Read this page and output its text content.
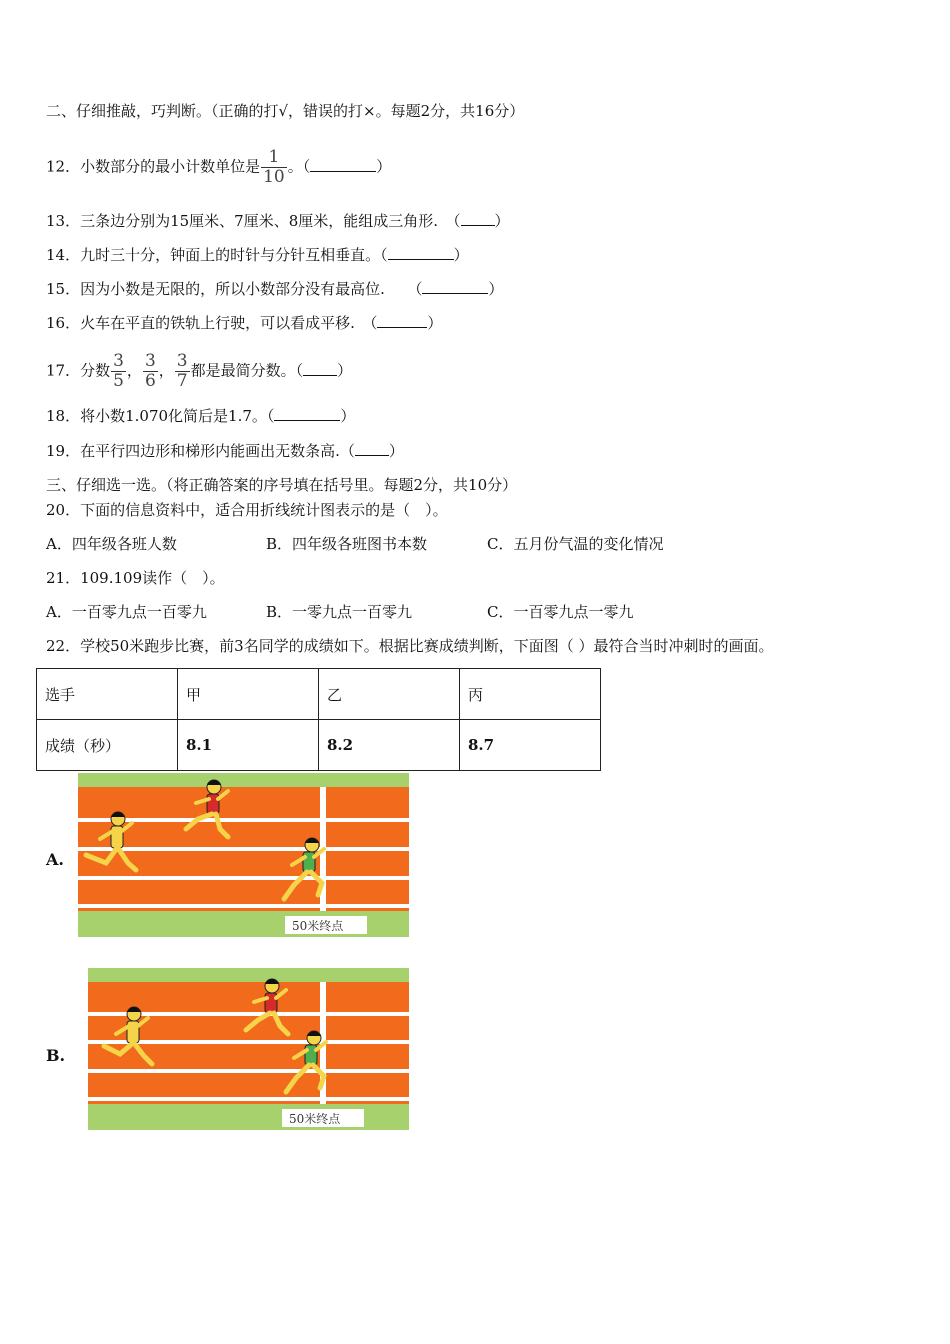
二、仔细推敲，巧判断。（正确的打√，错误的打×。每题2分，共16分）
12．小数部分的最小计数单位是 $\frac{1}{10}$ 。（	）
13．三条边分别为15厘米、7厘米、8厘米，能组成三角形.　（ ）
14．九时三十分，钟面上的时针与分针互相垂直。（	）
15．因为小数是无限的，所以小数部分没有最高位.　　（	）
16．火车在平直的铁轨上行驶，可以看成平移.　（	）
17．分数 $\frac{3}{5}$ ， $\frac{3}{6}$ ， $\frac{3}{7}$ 都是最简分数。（ ）
18．将小数1.070化简后是1.7。（	）
19．在平行四边形和梯形内能画出无数条高.（ ）
三、仔细选一选。（将正确答案的序号填在括号里。每题2分，共10分）
20．下面的信息资料中，适合用折线统计图表示的是（　）。
A．四年级各班人数	B．四年级各班图书本数	C．五月份气温的变化情况
21．109.109读作（　）。
A．一百零九点一百零九	B．一零九点一百零九	C．一百零九点一零九
22．学校50米跑步比赛，前3名同学的成绩如下。根据比赛成绩判断，下面图（ ）最符合当时冲刺时的画面。
选手	甲	乙	丙
成绩（秒）	8.1	8.2	8.7
A.
50米终点
B.
50米终点
